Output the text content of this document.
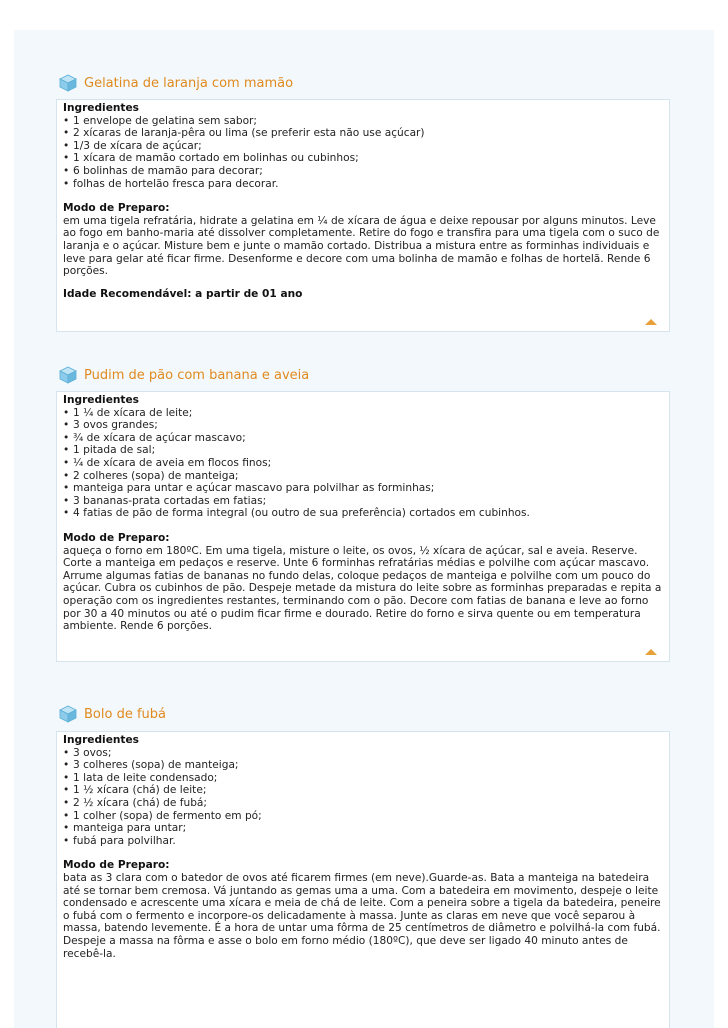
Gelatina de laranja com mamão
Ingredientes
• 1 envelope de gelatina sem sabor;
• 2 xícaras de laranja-pêra ou lima (se preferir esta não use açúcar)
• 1/3 de xícara de açúcar;
• 1 xícara de mamão cortado em bolinhas ou cubinhos;
• 6 bolinhas de mamão para decorar;
• folhas de hortelão fresca para decorar.
Modo de Preparo:

em uma tigela refratária, hidrate a gelatina em ¼ de xícara de água e deixe repousar por alguns minutos. Leve ao fogo em banho-maria até dissolver completamente. Retire do fogo e transfira para uma tigela com o suco de laranja e o açúcar. Misture bem e junte o mamão cortado. Distribua a mistura entre as forminhas individuais e leve para gelar até ficar firme. Desenforme e decore com uma bolinha de mamão e folhas de hortelã. Rende 6 porções.

Idade Recomendável: a partir de 01 ano
Pudim de pão com banana e aveia
Ingredientes
• 1 ¼ de xícara de leite;
• 3 ovos grandes;
• ¾ de xícara de açúcar mascavo;
• 1 pitada de sal;
• ¼ de xícara de aveia em flocos finos;
• 2 colheres (sopa) de manteiga;
• manteiga para untar e açúcar mascavo para polvilhar as forminhas;
• 3 bananas-prata cortadas em fatias;
• 4 fatias de pão de forma integral (ou outro de sua preferência) cortados em cubinhos.
Modo de Preparo:

aqueça o forno em 180ºC. Em uma tigela, misture o leite, os ovos, ½ xícara de açúcar, sal e aveia. Reserve. Corte a manteiga em pedaços e reserve. Unte 6 forminhas refratárias médias e polvilhe com açúcar mascavo. Arrume algumas fatias de bananas no fundo delas, coloque pedaços de manteiga e polvilhe com um pouco do açúcar. Cubra os cubinhos de pão. Despeje metade da mistura do leite sobre as forminhas preparadas e repita a operação com os ingredientes restantes, terminando com o pão. Decore com fatias de banana e leve ao forno por 30 a 40 minutos ou até o pudim ficar firme e dourado. Retire do forno e sirva quente ou em temperatura ambiente. Rende 6 porções.

Bolo de fubá
Ingredientes
• 3 ovos;
• 3 colheres (sopa) de manteiga;
• 1 lata de leite condensado;
• 1 ½ xícara (chá) de leite;
• 2 ½ xícara (chá) de fubá;
• 1 colher (sopa) de fermento em pó;
• manteiga para untar;
• fubá para polvilhar.
Modo de Preparo:

bata as 3 clara com o batedor de ovos até ficarem firmes (em neve).Guarde-as. Bata a manteiga na batedeira até se tornar bem cremosa. Vá juntando as gemas uma a uma. Com a batedeira em movimento, despeje o leite condensado e acrescente uma xícara e meia de chá de leite. Com a peneira sobre a tigela da batedeira, peneire o fubá com o fermento e incorpore-os delicadamente à massa. Junte as claras em neve que você separou à massa, batendo levemente. É a hora de untar uma fôrma de 25 centímetros de diâmetro e polvilhá-la com fubá. Despeje a massa na fôrma e asse o bolo em forno médio (180ºC), que deve ser ligado 40 minuto antes de recebê-la.
